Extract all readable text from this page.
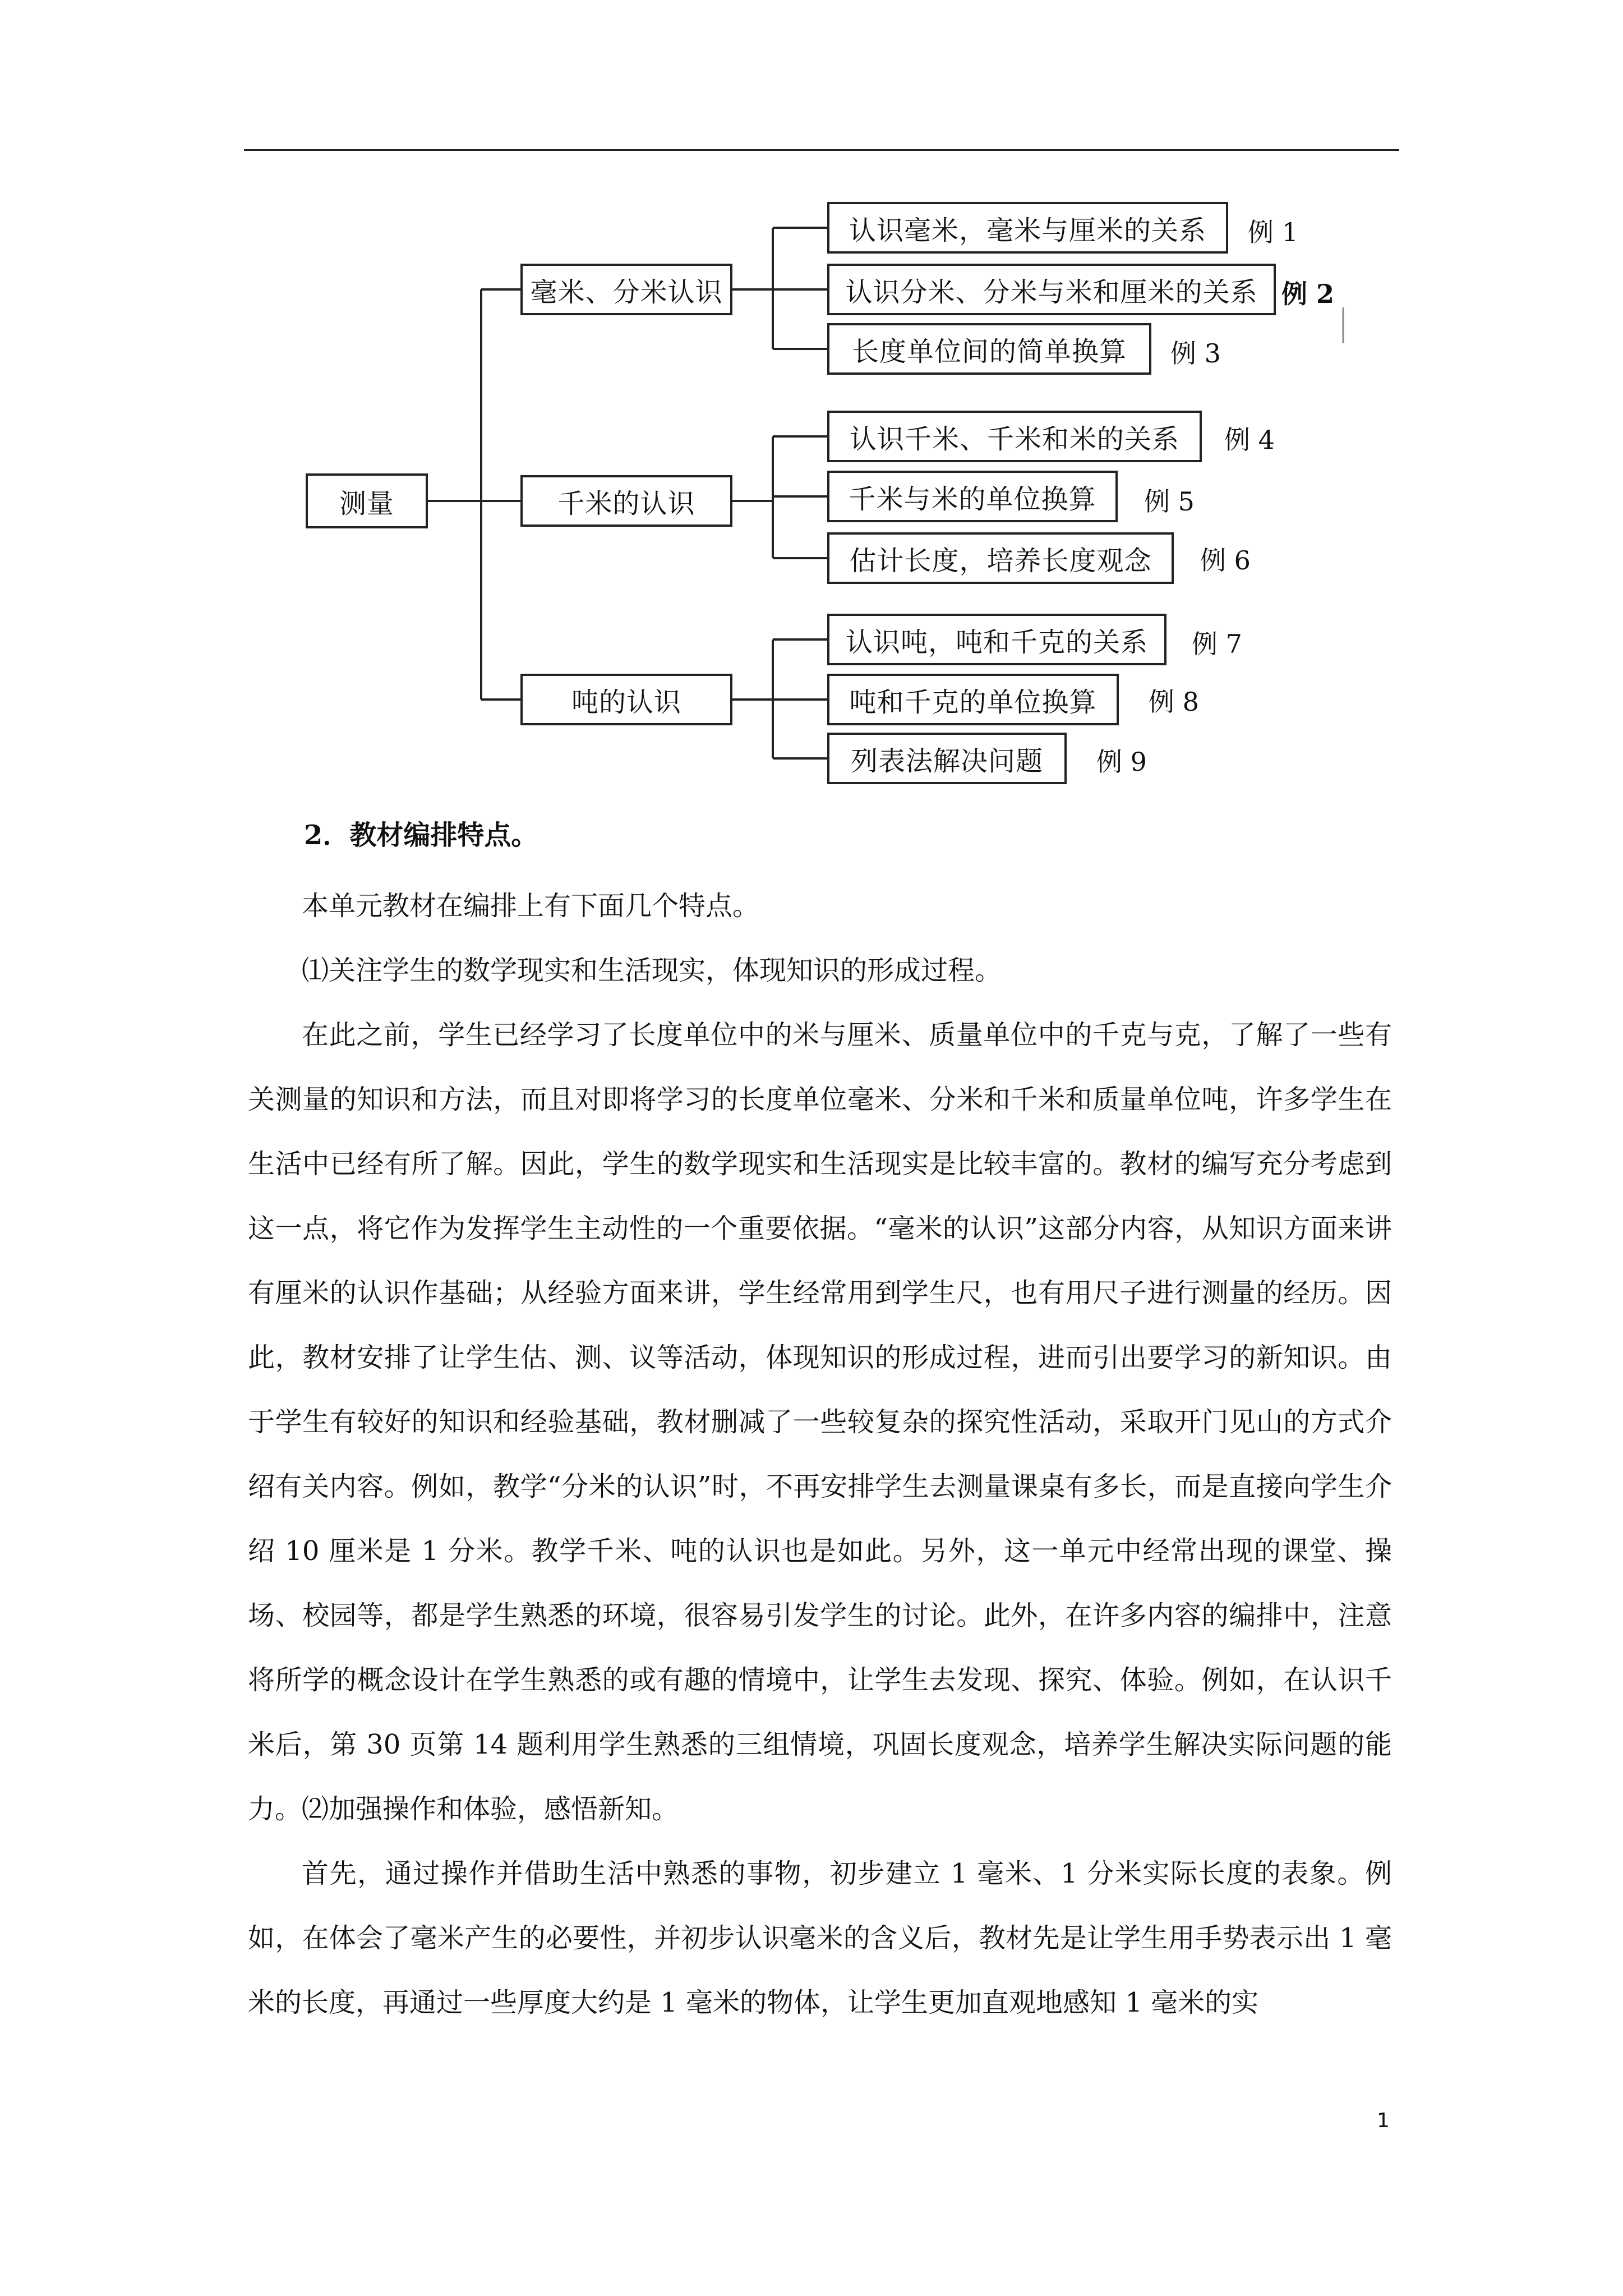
测量
毫米、分米认识
千米的认识
吨的认识
认识毫米，毫米与厘米的关系	例 1
认识分米、分米与米和厘米的关系 例 2
长度单位间的简单换算	例 3
认识千米、千米和米的关系	例 4
千米与米的单位换算	例 5
估计长度，培养长度观念	例 6
认识吨，吨和千克的关系	例 7
吨和千克的单位换算	例 8
列表法解决问题	例 9
2．教材编排特点。

本单元教材在编排上有下面几个特点。

⑴关注学生的数学现实和生活现实，体现知识的形成过程。

在此之前，学生已经学习了长度单位中的米与厘米、质量单位中的千克与克，了解了一些有关测量的知识和方法，而且对即将学习的长度单位毫米、分米和千米和质量单位吨，许多学生在生活中已经有所了解。因此，学生的数学现实和生活现实是比较丰富的。教材的编写充分考虑到这一点，将它作为发挥学生主动性的一个重要依据。“毫米的认识”这部分内容，从知识方面来讲有厘米的认识作基础；从经验方面来讲，学生经常用到学生尺，也有用尺子进行测量的经历。因此，教材安排了让学生估、测、议等活动，体现知识的形成过程，进而引出要学习的新知识。由于学生有较好的知识和经验基础，教材删减了一些较复杂的探究性活动，采取开门见山的方式介绍有关内容。例如，教学“分米的认识”时，不再安排学生去测量课桌有多长，而是直接向学生介绍 10 厘米是 1 分米。教学千米、吨的认识也是如此。另外，这一单元中经常出现的课堂、操场、校园等，都是学生熟悉的环境，很容易引发学生的讨论。此外，在许多内容的编排中，注意将所学的概念设计在学生熟悉的或有趣的情境中，让学生去发现、探究、体验。例如，在认识千米后，第 30 页第 14 题利用学生熟悉的三组情境，巩固长度观念，培养学生解决实际问题的能力。 ⑵加强操作和体验，感悟新知。

首先，通过操作并借助生活中熟悉的事物，初步建立 1 毫米、1 分米实际长度的表象。例如，在体会了毫米产生的必要性，并初步认识毫米的含义后，教材先是让学生用手势表示出 1 毫米的长度，再通过一些厚度大约是 1 毫米的物体，让学生更加直观地感知 1 毫米的实

1
